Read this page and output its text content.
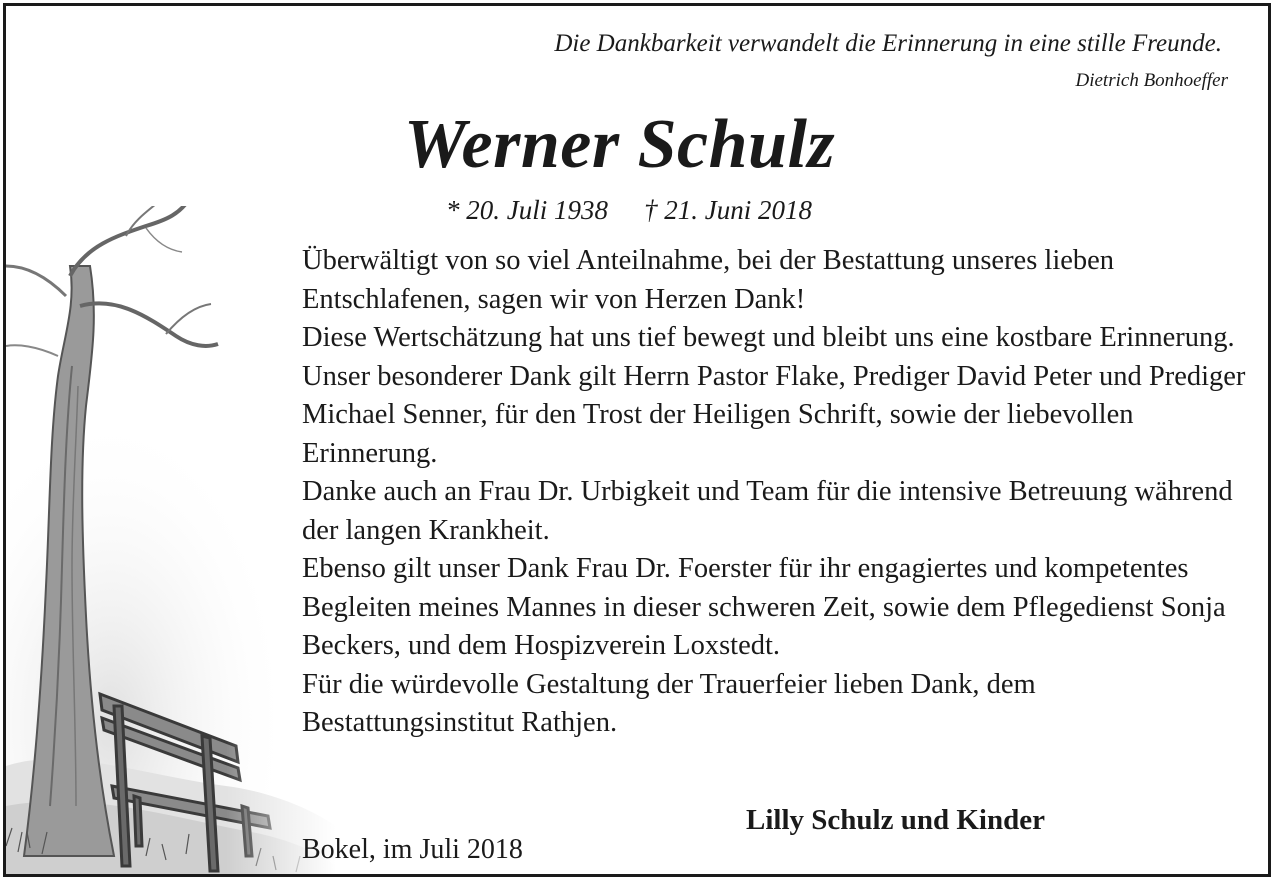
Die Dankbarkeit verwandelt die Erinnerung in eine stille Freunde.
Dietrich Bonhoeffer
Werner Schulz
* 20. Juli 1938 † 21. Juni 2018

Überwältigt von so viel Anteilnahme, bei der Bestattung unseres lieben Entschlafenen, sagen wir von Herzen Dank!

Diese Wertschätzung hat uns tief bewegt und bleibt uns eine kostbare Erinnerung.

Unser besonderer Dank gilt Herrn Pastor Flake, Prediger David Peter und Prediger Michael Senner, für den Trost der Heiligen Schrift, sowie der liebevollen Erinnerung.

Danke auch an Frau Dr. Urbigkeit und Team für die intensive Betreuung während der langen Krankheit.

Ebenso gilt unser Dank Frau Dr. Foerster für ihr engagiertes und kompetentes Begleiten meines Mannes in dieser schweren Zeit, sowie dem Pflegedienst Sonja Beckers, und dem Hospizverein Loxstedt.

Für die würdevolle Gestaltung der Trauerfeier lieben Dank, dem Bestattungsinstitut Rathjen.

Lilly Schulz und Kinder
Bokel, im Juli 2018
